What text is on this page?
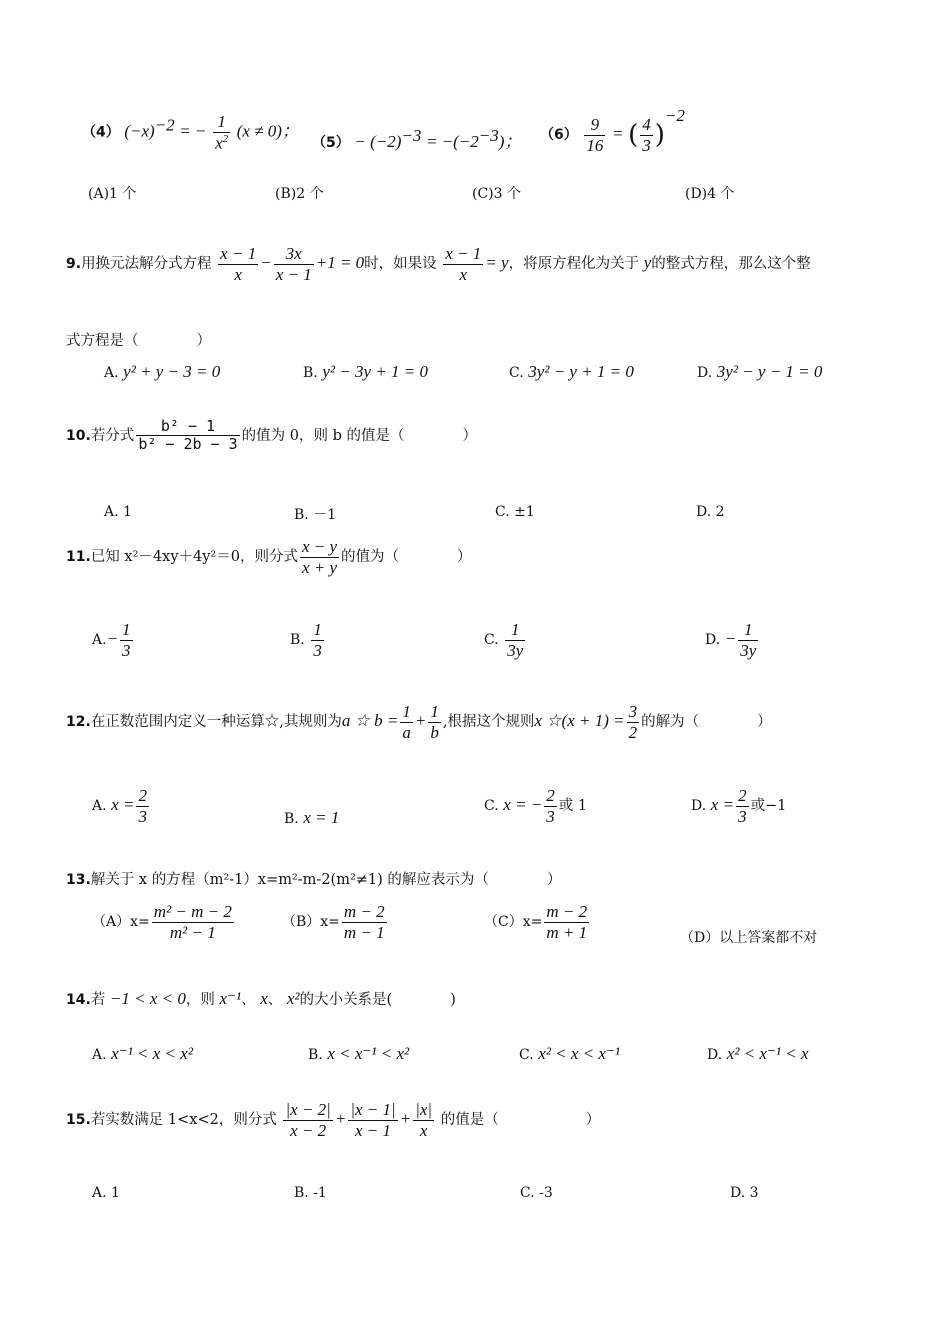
（4） $(-x)^{-2}$ = − $\frac{1}{x^2} (x \ne 0)$；
$(5) - (-2)^{-3} = -(-2^{-3})$； $(6) \frac{9}{16}$ = ( $\frac{4}{3} )^{-2}$
(A)1 个	(B)2 个	(C)3 个	(D)4 个
9.用换元法解分式方程 $\frac{x - 1}{x} - \frac{3x}{x - 1} +1 = 0$时，如果设 $\frac{x - 1}{x} = y$，将原方程化为关于 y的整式方程，那么这个整
式方程是（　　　　）
A. y² + y − 3 = 0	B. y² − 3y + 1 = 0	C. 3y² − y + 1 = 0	D. 3y² − y − 1 = 0
10.若分式 $\frac{\text{b² − 1}}{\text{b² − 2b − 3}}$ 的值为 0，则 b 的值是（　　　　）
A. 1	B. －1	C. ±1	D. 2
11.已知 x²－4xy＋4y²＝0，则分式 $\frac{x - y}{x + y}$ 的值为（　　　　）
$A.- \frac{1}{3}$	B. $\frac{1}{3}$	C. $\frac{1}{3y}$	D. − $\frac{1}{3y}$
12.在正数范围内定义一种运算☆,其规则为a ☆ $b = \frac{1}{a} + \frac{1}{b}$ ,根据这个规则x ☆(x + $1) = \frac{3}{2}$ 的解为（　　　　）
A. $x = \frac{2}{3}$	B. x = 1
C. x = − $\frac{2}{3}$ 或 1	D. $x = \frac{2}{3}$ 或−1
13.解关于 x 的方程（m²-1）x=m²-m-2(m²≠1) 的解应表示为（　　　　）
$(A)x= \frac{\text{m² − m − 2}}{\text{m² − 1}}$	$(B)x= \frac{m - 2}{m - 1}$	$(C)x= \frac{m - 2}{m + 1}$	（D）以上答案都不对
14.若 −1 < x < 0，则 x⁻¹、 x、 x²的大小关系是(　　　　)
A. x⁻¹ < x < x²	B. x < x⁻¹ < x²	C. x² < x < x⁻¹	D. x² < x⁻¹ < x
15.若实数满足 1<x<2，则分式 $\frac{|x - 2|}{x - 2} + \frac{|x - 1|}{x - 1} + \frac{|x|}{x}$ 的值是（　　　　　　）
A. 1	B. -1	C. -3	D. 3
